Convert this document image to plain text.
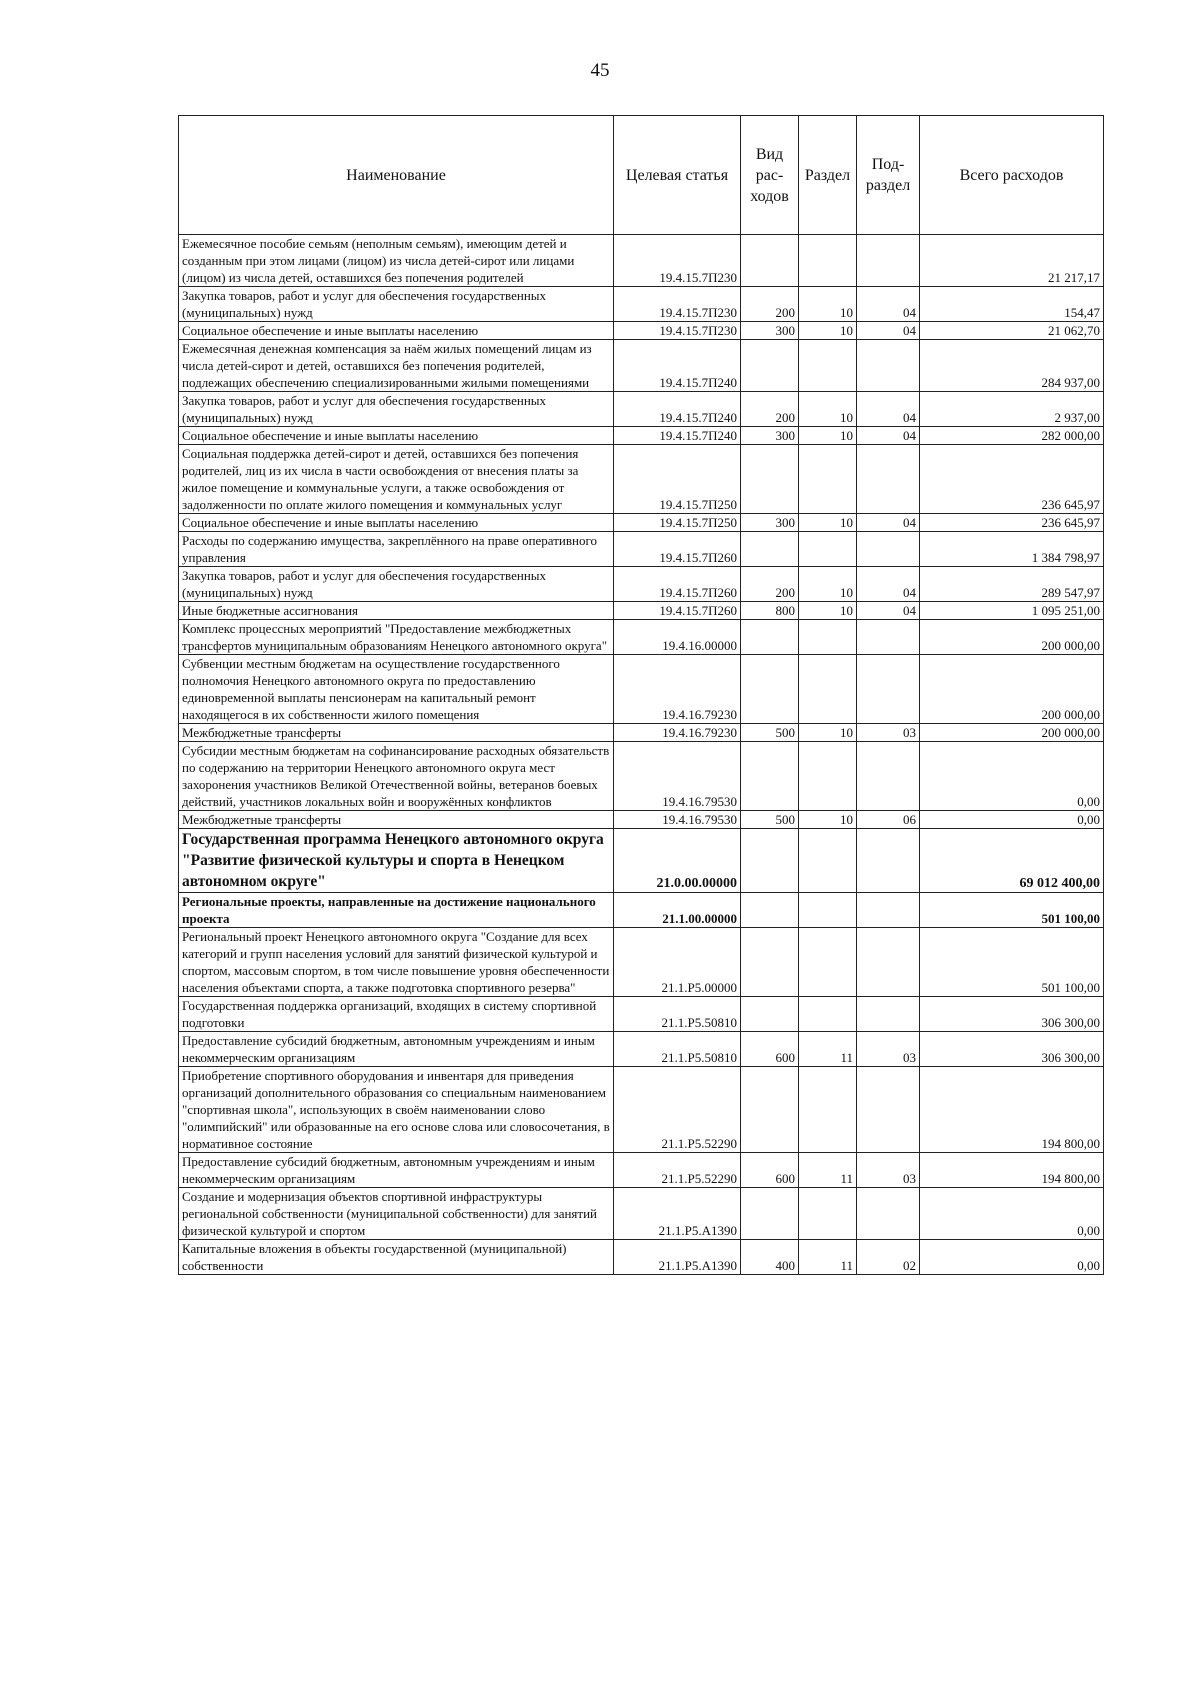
45
Наименование	Целевая статья	Вид рас- ходов	Раздел	Под- раздел	Всего расходов
Ежемесячное пособие семьям (неполным семьям), имеющим детей и созданным при этом лицами (лицом) из числа детей-сирот или лицами (лицом) из числа детей, оставшихся без попечения родителей	19.4.15.7П230				21 217,17
Закупка товаров, работ и услуг для обеспечения государственных (муниципальных) нужд	19.4.15.7П230	200	10	04	154,47
Социальное обеспечение и иные выплаты населению	19.4.15.7П230	300	10	04	21 062,70
Ежемесячная денежная компенсация за наём жилых помещений лицам из числа детей-сирот и детей, оставшихся без попечения родителей, подлежащих обеспечению специализированными жилыми помещениями	19.4.15.7П240				284 937,00
Закупка товаров, работ и услуг для обеспечения государственных (муниципальных) нужд	19.4.15.7П240	200	10	04	2 937,00
Социальное обеспечение и иные выплаты населению	19.4.15.7П240	300	10	04	282 000,00
Социальная поддержка детей-сирот и детей, оставшихся без попечения родителей, лиц из их числа в части освобождения от внесения платы за жилое помещение и коммунальные услуги, а также освобождения от задолженности по оплате жилого помещения и коммунальных услуг	19.4.15.7П250				236 645,97
Социальное обеспечение и иные выплаты населению	19.4.15.7П250	300	10	04	236 645,97
Расходы по содержанию имущества, закреплённого на праве оперативного управления	19.4.15.7П260				1 384 798,97
Закупка товаров, работ и услуг для обеспечения государственных (муниципальных) нужд	19.4.15.7П260	200	10	04	289 547,97
Иные бюджетные ассигнования	19.4.15.7П260	800	10	04	1 095 251,00
Комплекс процессных мероприятий "Предоставление межбюджетных трансфертов муниципальным образованиям Ненецкого автономного округа"	19.4.16.00000				200 000,00
Субвенции местным бюджетам на осуществление государственного полномочия Ненецкого автономного округа по предоставлению единовременной выплаты пенсионерам на капитальный ремонт находящегося в их собственности жилого помещения	19.4.16.79230				200 000,00
Межбюджетные трансферты	19.4.16.79230	500	10	03	200 000,00
Субсидии местным бюджетам на софинансирование расходных обязательств по содержанию на территории Ненецкого автономного округа мест захоронения участников Великой Отечественной войны, ветеранов боевых действий, участников локальных войн и вооружённых конфликтов	19.4.16.79530				0,00
Межбюджетные трансферты	19.4.16.79530	500	10	06	0,00
Государственная программа Ненецкого автономного округа "Развитие физической культуры и спорта в Ненецком автономном округе"	21.0.00.00000				69 012 400,00
Региональные проекты, направленные на достижение национального проекта	21.1.00.00000				501 100,00
Региональный проект Ненецкого автономного округа "Создание для всех категорий и групп населения условий для занятий физической культурой и спортом, массовым спортом, в том числе повышение уровня обеспеченности населения объектами спорта, а также подготовка спортивного резерва"	21.1.P5.00000				501 100,00
Государственная поддержка организаций, входящих в систему спортивной подготовки	21.1.P5.50810				306 300,00
Предоставление субсидий бюджетным, автономным учреждениям и иным некоммерческим организациям	21.1.P5.50810	600	11	03	306 300,00
Приобретение спортивного оборудования и инвентаря для приведения организаций дополнительного образования со специальным наименованием "спортивная школа", использующих в своём наименовании слово "олимпийский" или образованные на его основе слова или словосочетания, в нормативное состояние	21.1.P5.52290				194 800,00
Предоставление субсидий бюджетным, автономным учреждениям и иным некоммерческим организациям	21.1.P5.52290	600	11	03	194 800,00
Создание и модернизация объектов спортивной инфраструктуры региональной собственности (муниципальной собственности) для занятий физической культурой и спортом	21.1.P5.A1390				0,00
Капитальные вложения в объекты государственной (муниципальной) собственности	21.1.P5.A1390	400	11	02	0,00
